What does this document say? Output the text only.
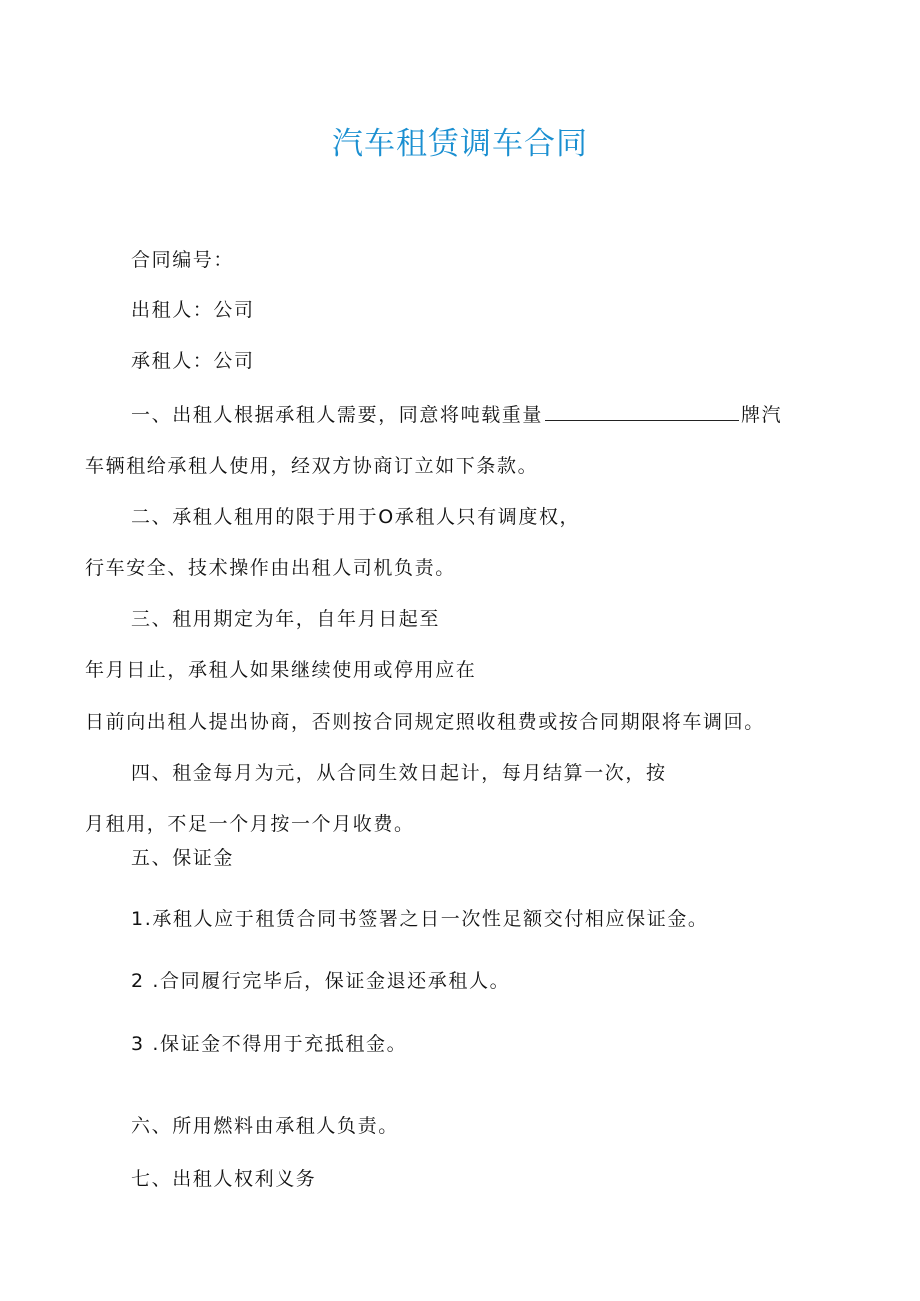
汽车租赁调车合同
合同编号：
出租人：公司
承租人：公司
一、出租人根据承租人需要，同意将吨载重量	牌汽
车辆租给承租人使用，经双方协商订立如下条款。
二、承租人租用的限于用于O承租人只有调度权，
行车安全、技术操作由出租人司机负责。
三、租用期定为年，自年月日起至
年月日止，承租人如果继续使用或停用应在
日前向出租人提出协商，否则按合同规定照收租费或按合同期限将车调回。
四、租金每月为元，从合同生效日起计，每月结算一次，按
月租用，不足一个月按一个月收费。
五、保证金
1.承租人应于租赁合同书签署之日一次性足额交付相应保证金。
2 .合同履行完毕后，保证金退还承租人。
3 .保证金不得用于充抵租金。
六、所用燃料由承租人负责。
七、出租人权利义务
